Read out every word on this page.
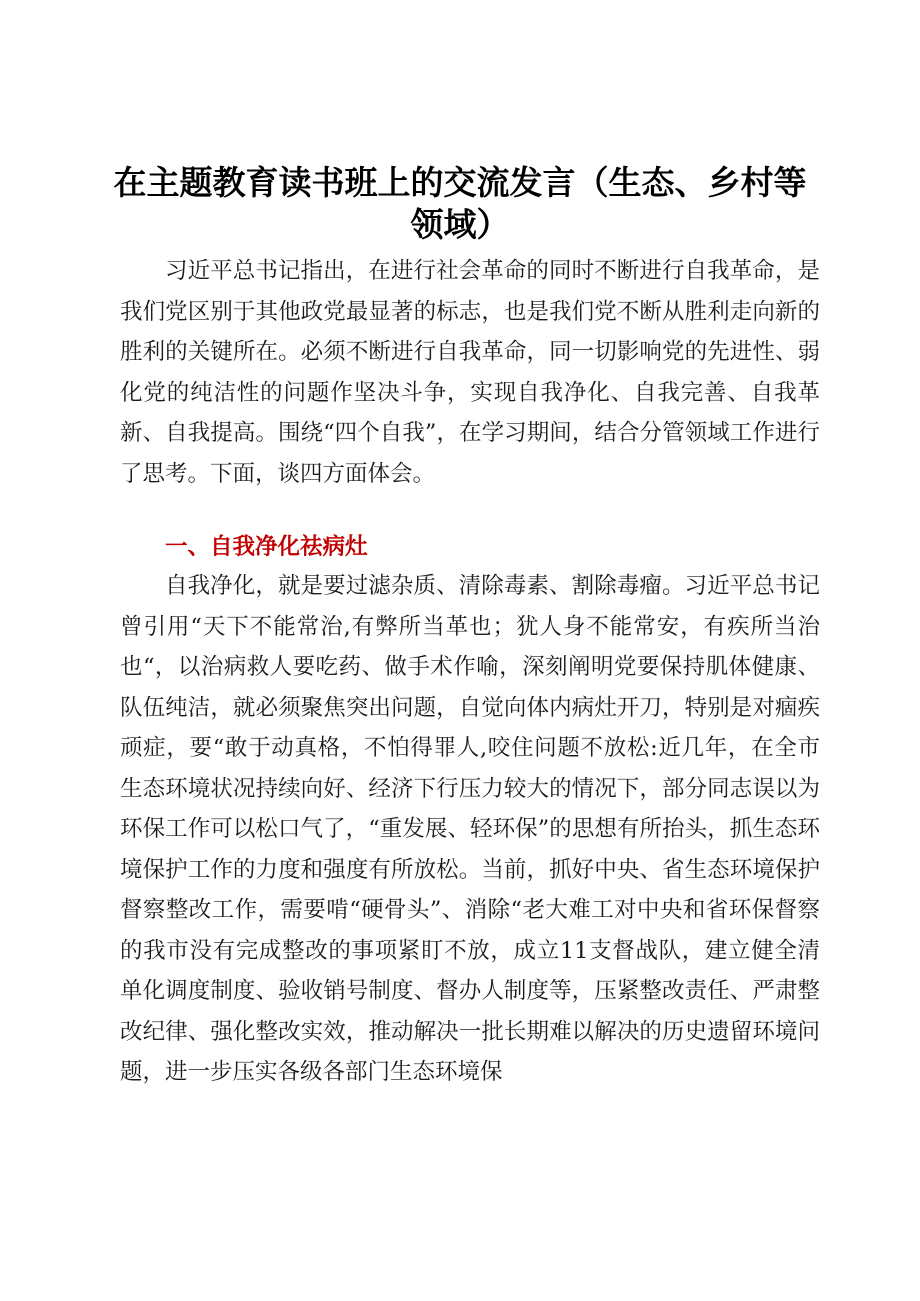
在主题教育读书班上的交流发言（生态、乡村等领域）

习近平总书记指出，在进行社会革命的同时不断进行自我革命，是我们党区别于其他政党最显著的标志，也是我们党不断从胜利走向新的胜利的关键所在。必须不断进行自我革命，同一切影响党的先进性、弱化党的纯洁性的问题作坚决斗争，实现自我净化、自我完善、自我革新、自我提高。围绕“四个自我”，在学习期间，结合分管领域工作进行了思考。下面，谈四方面体会。

一、自我净化祛病灶

自我净化，就是要过滤杂质、清除毒素、割除毒瘤。习近平总书记曾引用“天下不能常治,有弊所当革也；犹人身不能常安，有疾所当治也“，以治病救人要吃药、做手术作喻，深刻阐明党要保持肌体健康、队伍纯洁，就必须聚焦突出问题，自觉向体内病灶开刀，特别是对痼疾顽症，要“敢于动真格，不怕得罪人,咬住问题不放松:近几年，在全市生态环境状况持续向好、经济下行压力较大的情况下，部分同志误以为环保工作可以松口气了，“重发展、轻环保”的思想有所抬头，抓生态环境保护工作的力度和强度有所放松。当前，抓好中央、省生态环境保护督察整改工作，需要啃“硬骨头”、消除“老大难工对中央和省环保督察的我市没有完成整改的事项紧盯不放，成立11支督战队，建立健全清单化调度制度、验收销号制度、督办人制度等，压紧整改责任、严肃整改纪律、强化整改实效，推动解决一批长期难以解决的历史遗留环境问题，进一步压实各级各部门生态环境保
